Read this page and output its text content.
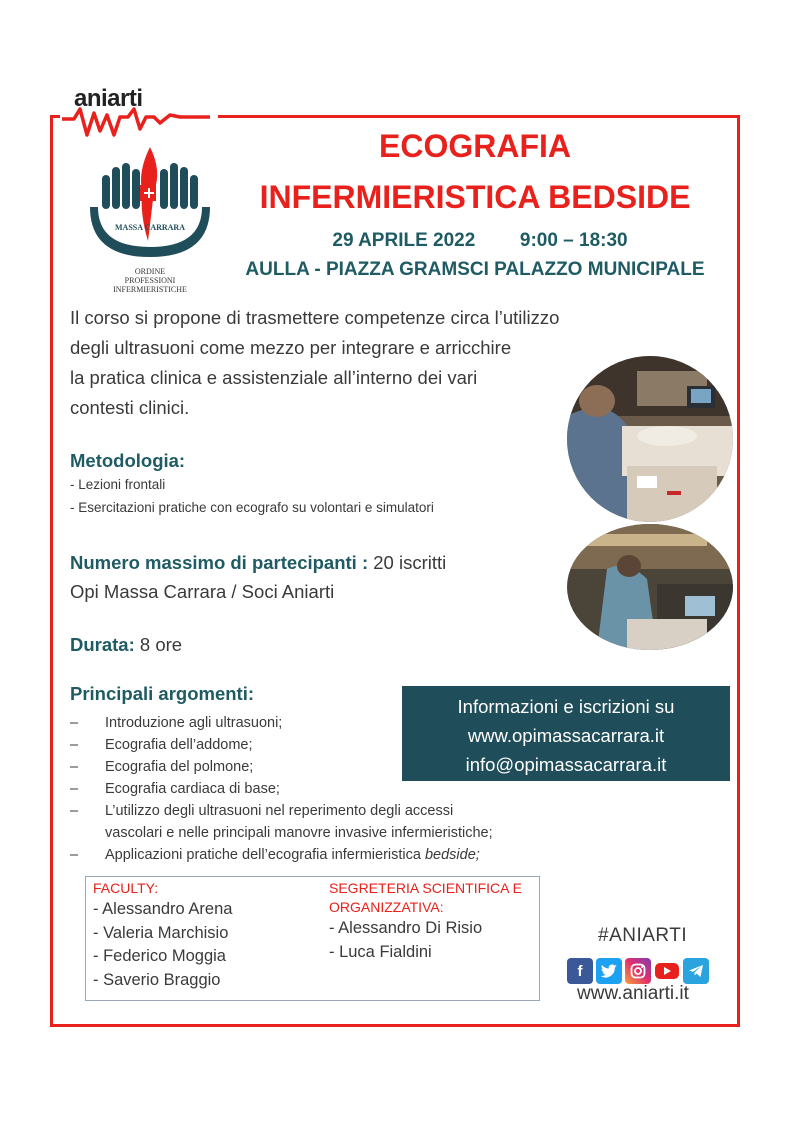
aniarti
MASSA CARRARA
ORDINE
PROFESSIONI
INFERMIERISTICHE
ECOGRAFIA
INFERMIERISTICA BEDSIDE
29 APRILE 2022 9:00 – 18:30
AULLA - PIAZZA GRAMSCI PALAZZO MUNICIPALE
Il corso si propone di trasmettere competenze circa l’utilizzo
degli ultrasuoni come mezzo per integrare e arricchire
la pratica clinica e assistenziale all’interno dei vari
contesti clinici.
Metodologia:
- Lezioni frontali
- Esercitazioni pratiche con ecografo su volontari e simulatori
Numero massimo di partecipanti : 20 iscritti
Opi Massa Carrara / Soci Aniarti
Durata: 8 ore
Principali argomenti:
– Introduzione agli ultrasuoni;
– Ecografia dell’addome;
– Ecografia del polmone;
– Ecografia cardiaca di base;
– L’utilizzo degli ultrasuoni nel reperimento degli accessi
vascolari e nelle principali manovre invasive infermieristiche;
– Applicazioni pratiche dell’ecografia infermieristica bedside;
Informazioni e iscrizioni su
www.opimassacarrara.it
info@opimassacarrara.it
FACULTY:
- Alessandro Arena
- Valeria Marchisio
- Federico Moggia
- Saverio Braggio
SEGRETERIA SCIENTIFICA E
ORGANIZZATIVA:
- Alessandro Di Risio
- Luca Fialdini
#ANIARTI
f
www.aniarti.it
